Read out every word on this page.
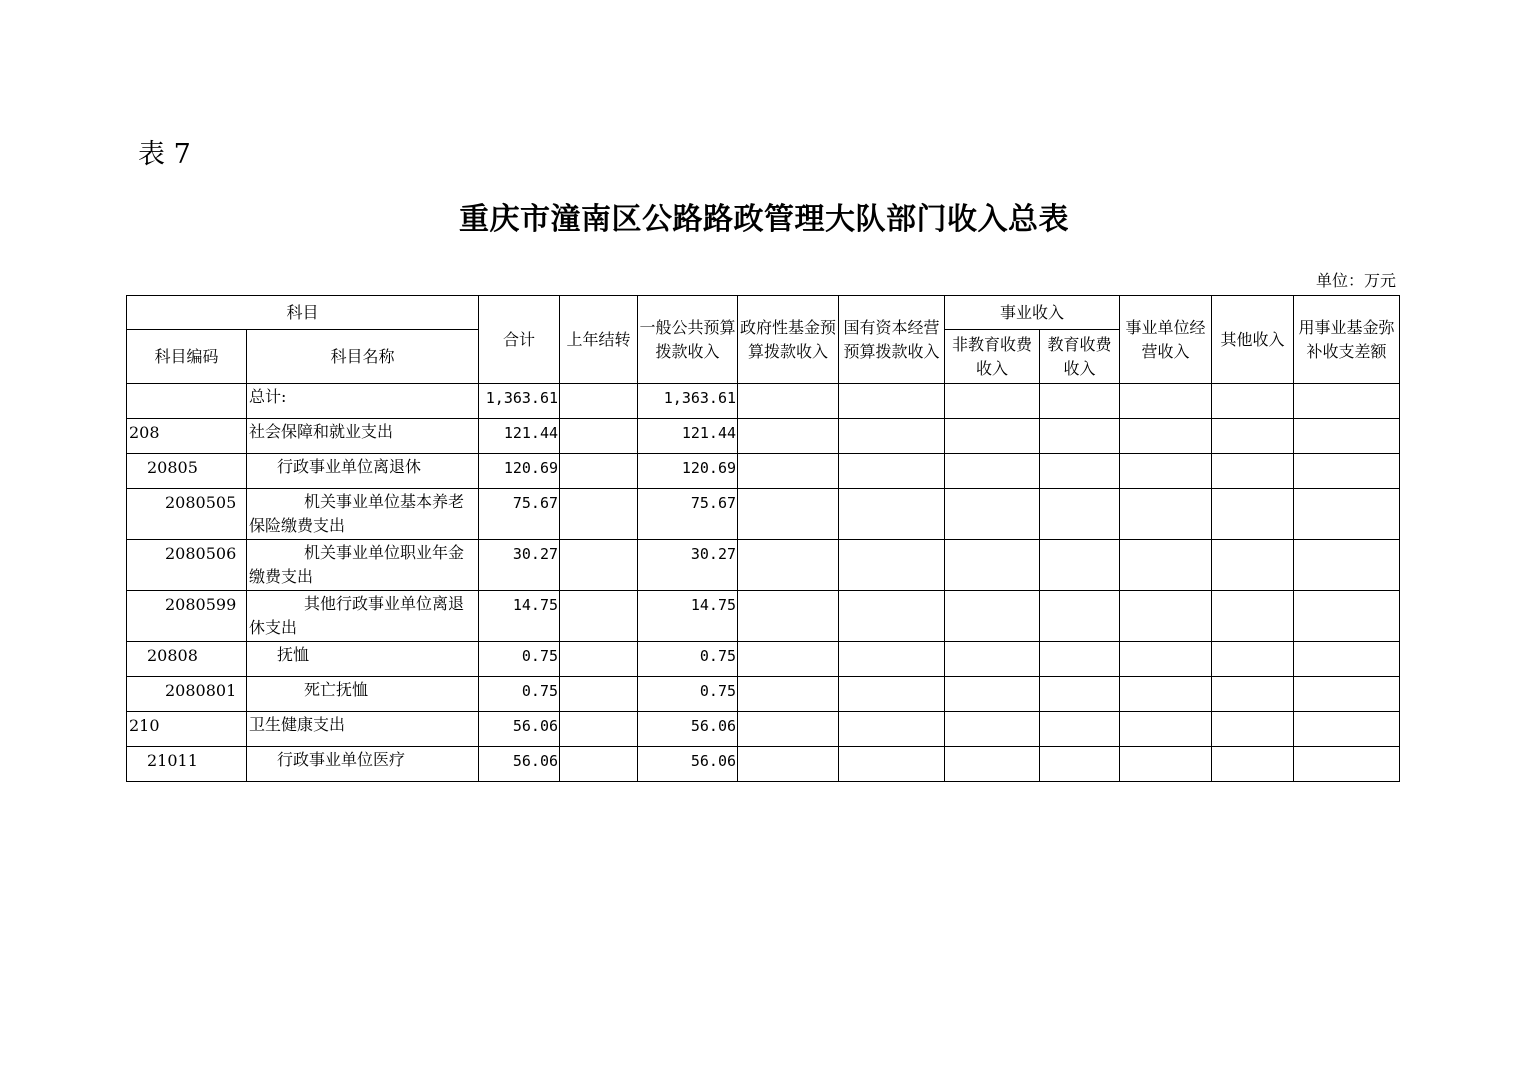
表 7
重庆市潼南区公路路政管理大队部门收入总表
单位：万元
科目		合计	上年结转	一般公共预算拨款收入	政府性基金预算拨款收入	国有资本经营预算拨款收入	事业收入		事业单位经营收入	其他收入	用事业基金弥补收支差额
科目编码	科目名称						非教育收费收入	教育收费收入			
	总计:	1,363.61		1,363.61							
208	社会保障和就业支出	121.44		121.44							
20805	行政事业单位离退休	120.69		120.69							
2080505	机关事业单位基本养老保险缴费支出	75.67		75.67							
2080506	机关事业单位职业年金缴费支出	30.27		30.27							
2080599	其他行政事业单位离退休支出	14.75		14.75							
20808	抚恤	0.75		0.75							
2080801	死亡抚恤	0.75		0.75							
210	卫生健康支出	56.06		56.06							
21011	行政事业单位医疗	56.06		56.06							
